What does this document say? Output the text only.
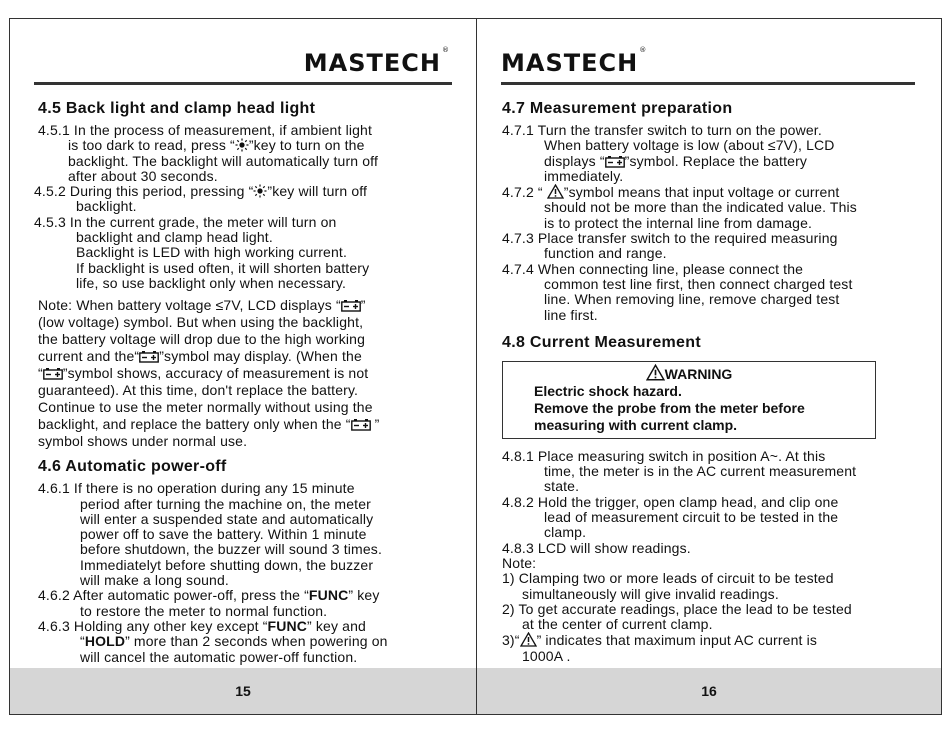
MASTECH®
4.5 Back light and clamp head light

4.5.1 In the process of measurement, if ambient light

is too dark to read, press “ ”key to turn on the

backlight. The backlight will automatically turn off

after about 30 seconds.

4.5.2 During this period, pressing “ ”key will turn off

backlight.

4.5.3 In the current grade, the meter will turn on

backlight and clamp head light.

Backlight is LED with high working current.

If backlight is used often, it will shorten battery

life, so use backlight only when necessary.

Note: When battery voltage ≤7V, LCD displays “ ”

(low voltage) symbol. But when using the backlight,

the battery voltage will drop due to the high working

current and the“ ”symbol may display. (When the

“ ”symbol shows, accuracy of measurement is not

guaranteed). At this time, don't replace the battery.

Continue to use the meter normally without using the

backlight, and replace the battery only when the “ ”

symbol shows under normal use.

4.6 Automatic power-off

4.6.1 If there is no operation during any 15 minute

period after turning the machine on, the meter

will enter a suspended state and automatically

power off to save the battery. Within 1 minute

before shutdown, the buzzer will sound 3 times.

Immediatelyt before shutting down, the buzzer

will make a long sound.

4.6.2 After automatic power-off, press the “FUNC” key

to restore the meter to normal function.

4.6.3 Holding any other key except “FUNC” key and

“HOLD” more than 2 seconds when powering on

will cancel the automatic power-off function.

15
MASTECH®
4.7 Measurement preparation

4.7.1 Turn the transfer switch to turn on the power.

When battery voltage is low (about ≤7V), LCD

displays “ ”symbol. Replace the battery

immediately.

4.7.2 “ ”symbol means that input voltage or current

should not be more than the indicated value. This

is to protect the internal line from damage.

4.7.3 Place transfer switch to the required measuring

function and range.

4.7.4 When connecting line, please connect the

common test line first, then connect charged test

line. When removing line, remove charged test

line first.

4.8 Current Measurement
WARNING
Electric shock hazard.
Remove the probe from the meter before
measuring with current clamp.

4.8.1 Place measuring switch in position A~. At this

time, the meter is in the AC current measurement

state.

4.8.2 Hold the trigger, open clamp head, and clip one

lead of measurement circuit to be tested in the

clamp.

4.8.3 LCD will show readings.

Note:

1) Clamping two or more leads of circuit to be tested

simultaneously will give invalid readings.

2) To get accurate readings, place the lead to be tested

at the center of current clamp.

3)“ ” indicates that maximum input AC current is

1000A .

16
